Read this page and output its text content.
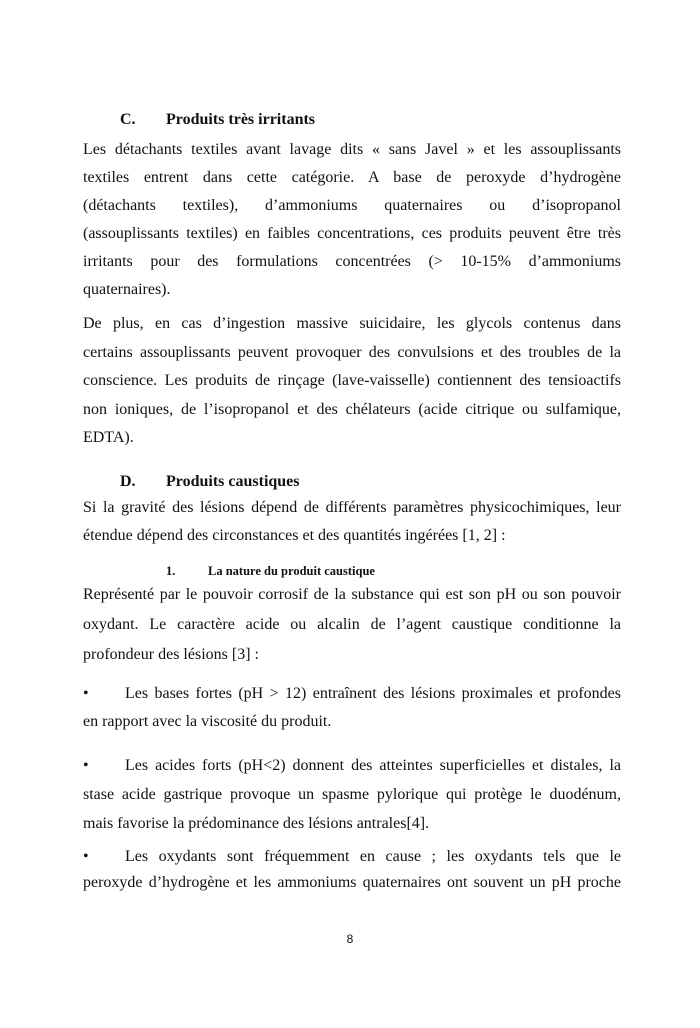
C. Produits très irritants
Les détachants textiles avant lavage dits « sans Javel » et les assouplissants
textiles entrent dans cette catégorie. A base de peroxyde d’hydrogène
(détachants textiles), d’ammoniums quaternaires ou d’isopropanol
(assouplissants textiles) en faibles concentrations, ces produits peuvent être très
irritants pour des formulations concentrées (> 10-15% d’ammoniums
quaternaires).
De plus, en cas d’ingestion massive suicidaire, les glycols contenus dans
certains assouplissants peuvent provoquer des convulsions et des troubles de la
conscience. Les produits de rinçage (lave-vaisselle) contiennent des tensioactifs
non ioniques, de l’isopropanol et des chélateurs (acide citrique ou sulfamique,
EDTA).
D. Produits caustiques
Si la gravité des lésions dépend de différents paramètres physicochimiques, leur
étendue dépend des circonstances et des quantités ingérées [1, 2] :
1.	La nature du produit caustique
Représenté par le pouvoir corrosif de la substance qui est son pH ou son pouvoir
oxydant. Le caractère acide ou alcalin de l’agent caustique conditionne la
profondeur des lésions [3] :
• Les bases fortes (pH > 12) entraînent des lésions proximales et profondes
en rapport avec la viscosité du produit.
• Les acides forts (pH<2) donnent des atteintes superficielles et distales, la
stase acide gastrique provoque un spasme pylorique qui protège le duodénum,
mais favorise la prédominance des lésions antrales[4].
• Les oxydants sont fréquemment en cause ; les oxydants tels que le
peroxyde d’hydrogène et les ammoniums quaternaires ont souvent un pH proche
8
